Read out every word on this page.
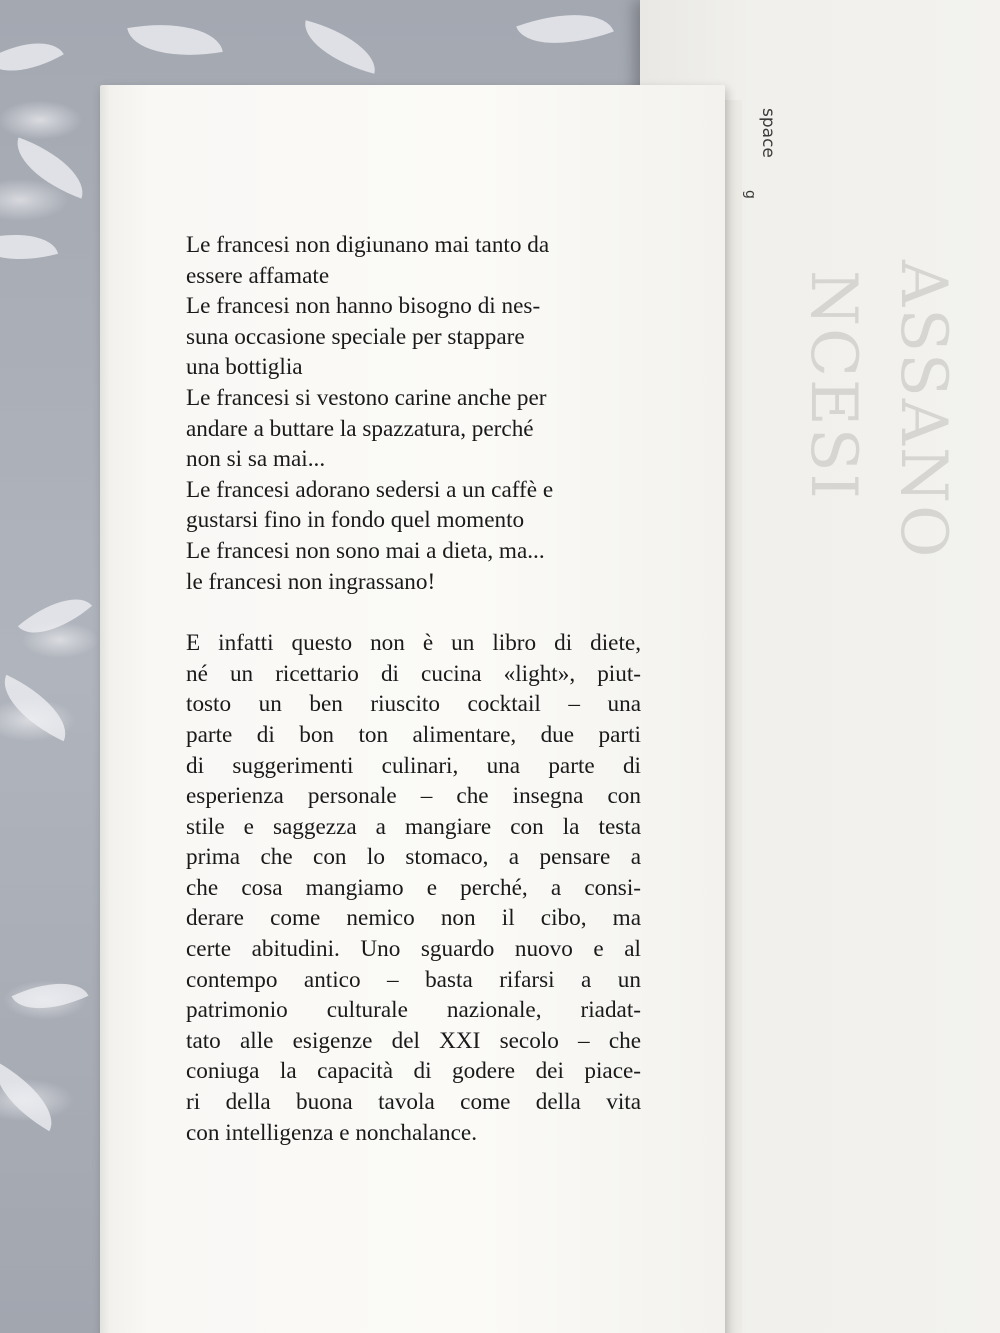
NCESI ASSANO
space
g
Le francesi non digiunano mai tanto da
essere affamate
Le francesi non hanno bisogno di nes-
suna occasione speciale per stappare
una bottiglia
Le francesi si vestono carine anche per
andare a buttare la spazzatura, perché
non si sa mai...
Le francesi adorano sedersi a un caffè e
gustarsi fino in fondo quel momento
Le francesi non sono mai a dieta, ma...
le francesi non ingrassano!
E infatti questo non è un libro di diete,
né un ricettario di cucina «light», piut-
tosto un ben riuscito cocktail – una
parte di bon ton alimentare, due parti
di suggerimenti culinari, una parte di
esperienza personale – che insegna con
stile e saggezza a mangiare con la testa
prima che con lo stomaco, a pensare a
che cosa mangiamo e perché, a consi-
derare come nemico non il cibo, ma
certe abitudini. Uno sguardo nuovo e al
contempo antico – basta rifarsi a un
patrimonio culturale nazionale, riadat-
tato alle esigenze del XXI secolo – che
coniuga la capacità di godere dei piace-
ri della buona tavola come della vita
con intelligenza e nonchalance.
